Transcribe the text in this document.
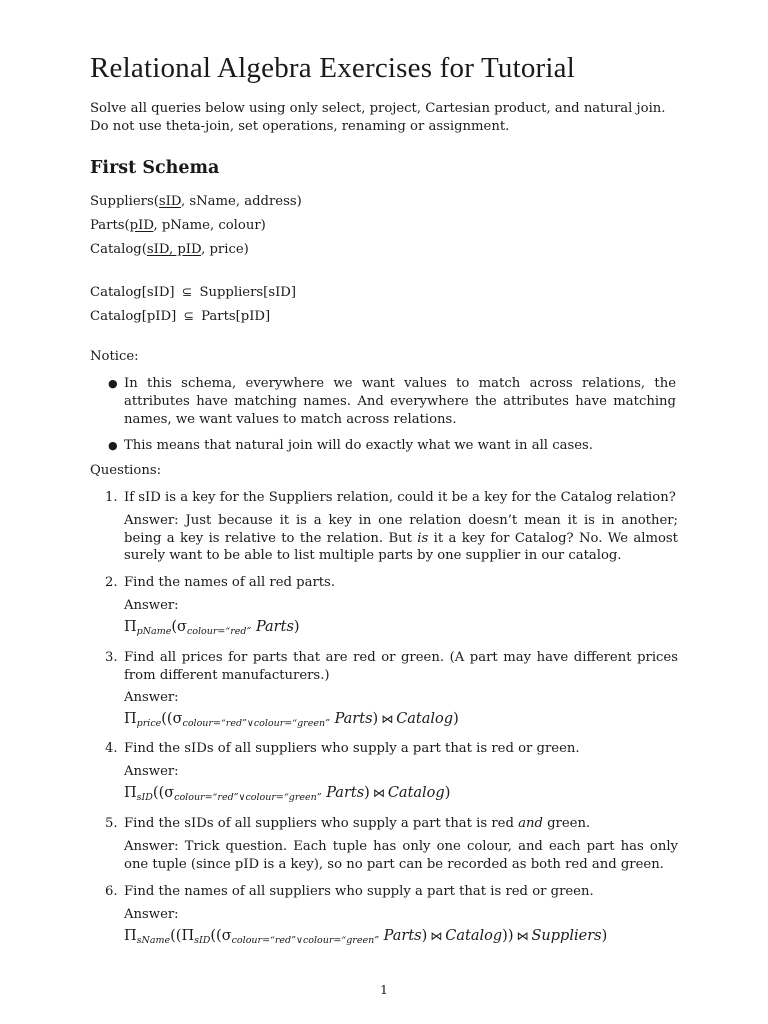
Relational Algebra Exercises for Tutorial

Solve all queries below using only select, project, Cartesian product, and natural join. Do not use theta-join, set operations, renaming or assignment.

First Schema

Suppliers(sID, sName, address)

Parts(pID, pName, colour)

Catalog(sID, pID, price)

Catalog[sID] ⊆ Suppliers[sID]

Catalog[pID] ⊆ Parts[pID]

Notice:

● In this schema, everywhere we want values to match across relations, the attributes have matching names. And everywhere the attributes have matching names, we want values to match across relations.
● This means that natural join will do exactly what we want in all cases.

Questions:

1. If sID is a key for the Suppliers relation, could it be a key for the Catalog relation?
Answer: Just because it is a key in one relation doesn’t mean it is in another; being a key is relative to the relation. But is it a key for Catalog? No. We almost surely want to be able to list multiple parts by one supplier in our catalog.
2. Find the names of all red parts.
Answer:
$\Pi_{pName}(\sigma_{colour=“red”}$ Parts)
3. Find all prices for parts that are red or green. (A part may have different prices from different manufacturers.)
Answer:
$\Pi_{price}((\sigma_{colour=“red”\vee colour=“green”}$ Parts) ⋈ Catalog)
4. Find the sIDs of all suppliers who supply a part that is red or green.
Answer:
$\Pi_{sID}((\sigma_{colour=“red”\vee colour=“green”}$ Parts) ⋈ Catalog)
5. Find the sIDs of all suppliers who supply a part that is red and green.
Answer: Trick question. Each tuple has only one colour, and each part has only one tuple (since pID is a key), so no part can be recorded as both red and green.
6. Find the names of all suppliers who supply a part that is red or green.
Answer:
$\Pi_{sName}((\Pi_{sID}((\sigma_{colour=“red”\vee colour=“green”}$ Parts) ⋈ Catalog)) ⋈ Suppliers)
1
